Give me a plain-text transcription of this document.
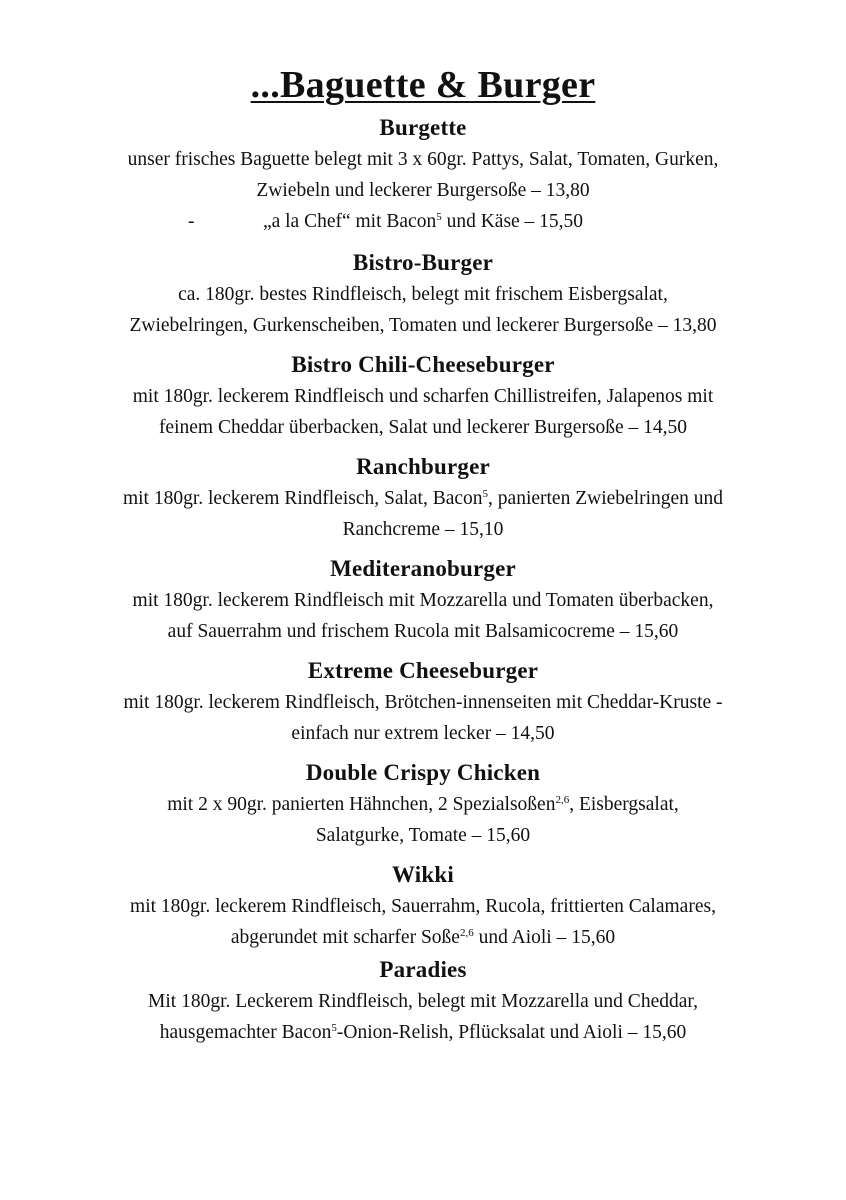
...Baguette & Burger
Burgette
unser frisches Baguette belegt mit 3 x 60gr. Pattys, Salat, Tomaten, Gurken,
Zwiebeln und leckerer Burgersoße – 13,80
-	„a la Chef“ mit Bacon$^5$ und Käse – 15,50
Bistro-Burger
ca. 180gr. bestes Rindfleisch, belegt mit frischem Eisbergsalat,
Zwiebelringen, Gurkenscheiben, Tomaten und leckerer Burgersoße – 13,80
Bistro Chili-Cheeseburger
mit 180gr. leckerem Rindfleisch und scharfen Chillistreifen, Jalapenos mit
feinem Cheddar überbacken, Salat und leckerer Burgersoße – 14,50
Ranchburger
mit 180gr. leckerem Rindfleisch, Salat, Bacon$^5$, panierten Zwiebelringen und
Ranchcreme – 15,10
Mediteranoburger
mit 180gr. leckerem Rindfleisch mit Mozzarella und Tomaten überbacken,
auf Sauerrahm und frischem Rucola mit Balsamicocreme – 15,60
Extreme Cheeseburger
mit 180gr. leckerem Rindfleisch, Brötchen-innenseiten mit Cheddar-Kruste -
einfach nur extrem lecker – 14,50
Double Crispy Chicken
mit 2 x 90gr. panierten Hähnchen, 2 Spezialsoßen$^{2,6}$, Eisbergsalat,
Salatgurke, Tomate – 15,60
Wikki
mit 180gr. leckerem Rindfleisch, Sauerrahm, Rucola, frittierten Calamares,
abgerundet mit scharfer Soße$^{2,6}$ und Aioli – 15,60
Paradies
Mit 180gr. Leckerem Rindfleisch, belegt mit Mozzarella und Cheddar,
hausgemachter Bacon$^5$-Onion-Relish, Pflücksalat und Aioli – 15,60
